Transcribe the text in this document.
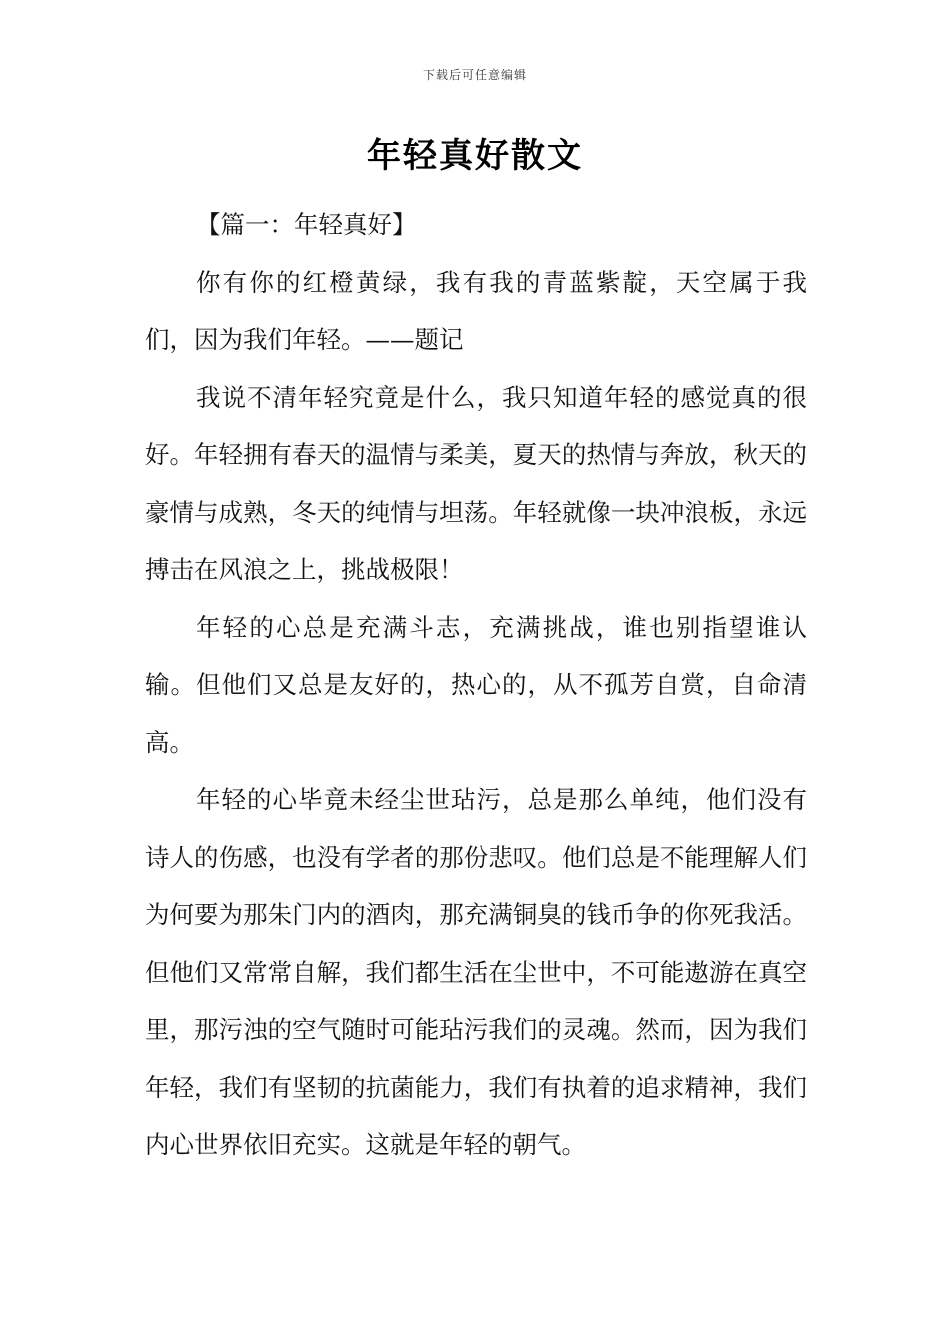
下载后可任意编辑
年轻真好散文

【篇一：年轻真好】

你有你的红橙黄绿，我有我的青蓝紫靛，天空属于我们，因为我们年轻。——题记

我说不清年轻究竟是什么，我只知道年轻的感觉真的很好。年轻拥有春天的温情与柔美，夏天的热情与奔放，秋天的豪情与成熟，冬天的纯情与坦荡。年轻就像一块冲浪板，永远搏击在风浪之上，挑战极限！

年轻的心总是充满斗志，充满挑战，谁也别指望谁认输。但他们又总是友好的，热心的，从不孤芳自赏，自命清高。

年轻的心毕竟未经尘世玷污，总是那么单纯，他们没有诗人的伤感，也没有学者的那份悲叹。他们总是不能理解人们为何要为那朱门内的酒肉，那充满铜臭的钱币争的你死我活。但他们又常常自解，我们都生活在尘世中，不可能遨游在真空里，那污浊的空气随时可能玷污我们的灵魂。然而，因为我们年轻，我们有坚韧的抗菌能力，我们有执着的追求精神，我们内心世界依旧充实。这就是年轻的朝气。
